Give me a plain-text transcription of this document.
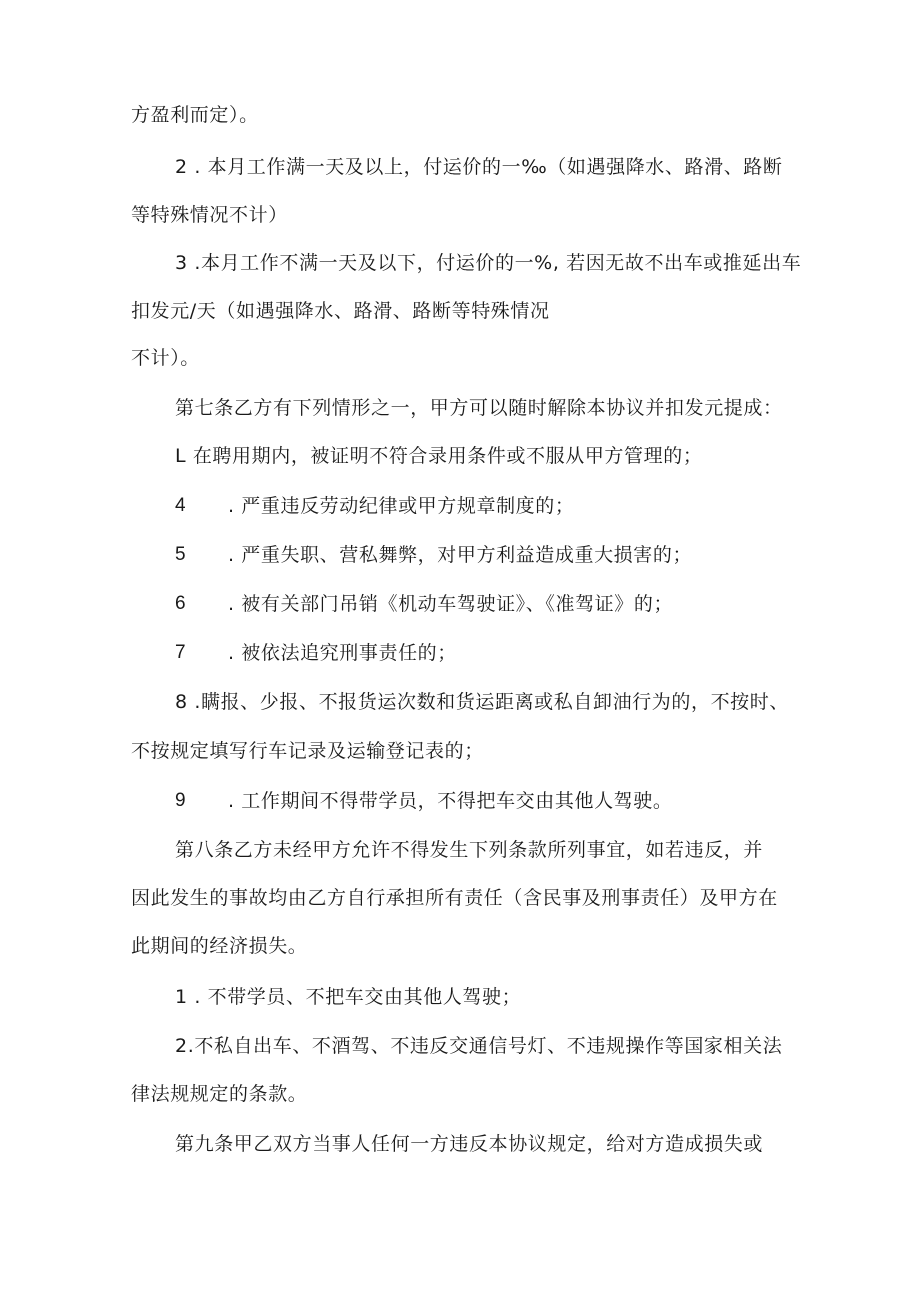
方盈利而定）。
2 . 本月工作满一天及以上，付运价的一‰（如遇强降水、路滑、路断
等特殊情况不计）
3 .本月工作不满一天及以下，付运价的一%, 若因无故不出车或推延出车
扣发元/天（如遇强降水、路滑、路断等特殊情况
不计）。
第七条乙方有下列情形之一，甲方可以随时解除本协议并扣发元提成：
L 在聘用期内，被证明不符合录用条件或不服从甲方管理的；
4 . 严重违反劳动纪律或甲方规章制度的；
5 . 严重失职、营私舞弊，对甲方利益造成重大损害的；
6 . 被有关部门吊销《机动车驾驶证》、《准驾证》的；
7 . 被依法追究刑事责任的；
8 .瞒报、少报、不报货运次数和货运距离或私自卸油行为的，不按时、
不按规定填写行车记录及运输登记表的；
9 . 工作期间不得带学员，不得把车交由其他人驾驶。
第八条乙方未经甲方允许不得发生下列条款所列事宜，如若违反，并
因此发生的事故均由乙方自行承担所有责任（含民事及刑事责任）及甲方在
此期间的经济损失。
1 . 不带学员、不把车交由其他人驾驶；
2.不私自出车、不酒驾、不违反交通信号灯、不违规操作等国家相关法
律法规规定的条款。
第九条甲乙双方当事人任何一方违反本协议规定，给对方造成损失或
